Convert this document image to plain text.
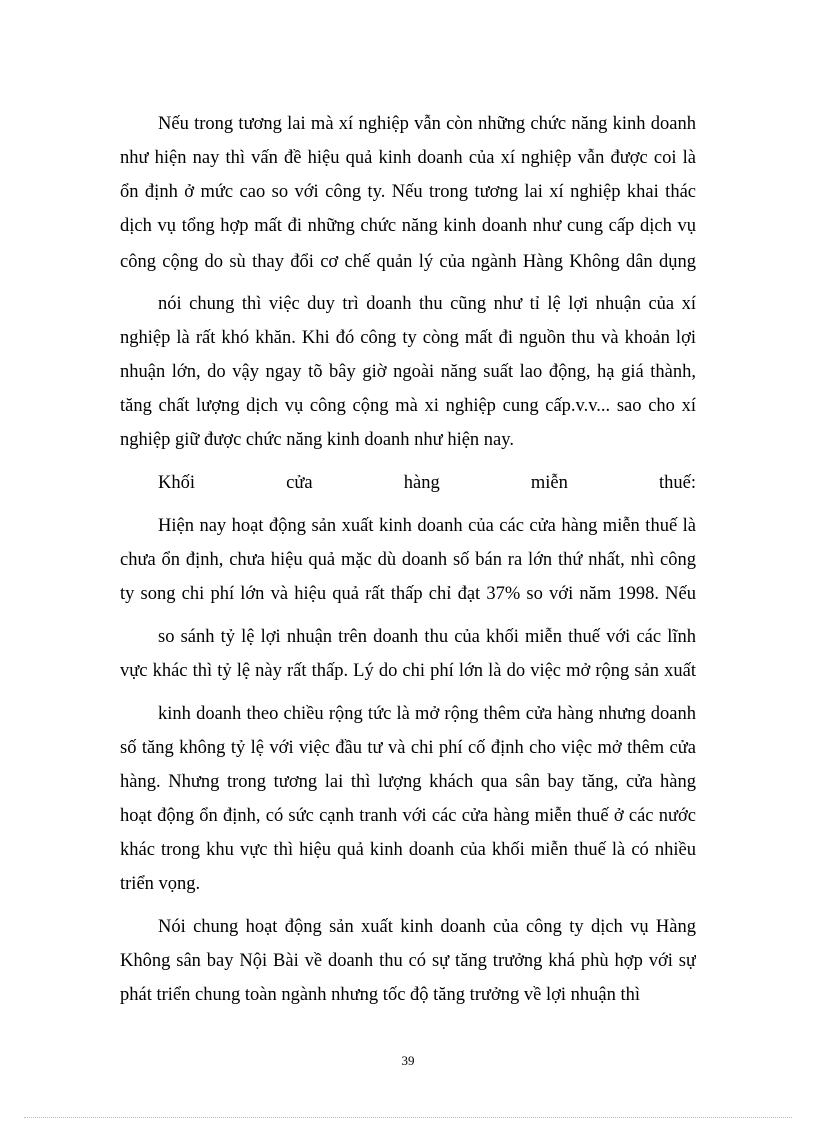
Nếu trong tương lai mà xí nghiệp vẫn còn những chức năng kinh doanh
như hiện nay thì vấn đề hiệu quả kinh doanh của xí nghiệp vẫn được coi là
ổn định ở mức cao so với công ty. Nếu trong tương lai xí nghiệp khai thác
dịch vụ tổng hợp mất đi những chức năng kinh doanh như cung cấp dịch vụ
công cộng do sù thay đổi cơ chế quản lý của ngành Hàng Không dân dụng
nói chung thì việc duy trì doanh thu cũng như tỉ lệ lợi nhuận của xí
nghiệp là rất khó khăn. Khi đó công ty còng mất đi nguồn thu và khoản lợi
nhuận lớn, do vậy ngay tõ bây giờ ngoài năng suất lao động, hạ giá thành,
tăng chất lượng dịch vụ công cộng mà xi nghiệp cung cấp.v.v... sao cho xí
nghiệp giữ được chức năng kinh doanh như hiện nay.
Khối cửa hàng miễn thuế:
Hiện nay hoạt động sản xuất kinh doanh của các cửa hàng miễn thuế là
chưa ổn định, chưa hiệu quả mặc dù doanh số bán ra lớn thứ nhất, nhì công
ty song chi phí lớn và hiệu quả rất thấp chỉ đạt 37% so với năm 1998. Nếu
so sánh tỷ lệ lợi nhuận trên doanh thu của khối miễn thuế với các lĩnh
vực khác thì tỷ lệ này rất thấp. Lý do chi phí lớn là do việc mở rộng sản xuất
kinh doanh theo chiều rộng tức là mở rộng thêm cửa hàng nhưng doanh
số tăng không tỷ lệ với việc đầu tư và chi phí cố định cho việc mở thêm cửa
hàng. Nhưng trong tương lai thì lượng khách qua sân bay tăng, cửa hàng
hoạt động ổn định, có sức cạnh tranh với các cửa hàng miễn thuế ở các nước
khác trong khu vực thì hiệu quả kinh doanh của khối miễn thuế là có nhiều
triển vọng.
Nói chung hoạt động sản xuất kinh doanh của công ty dịch vụ Hàng
Không sân bay Nội Bài về doanh thu có sự tăng trưởng khá phù hợp với sự
phát triển chung toàn ngành nhưng tốc độ tăng trưởng về lợi nhuận thì
39
